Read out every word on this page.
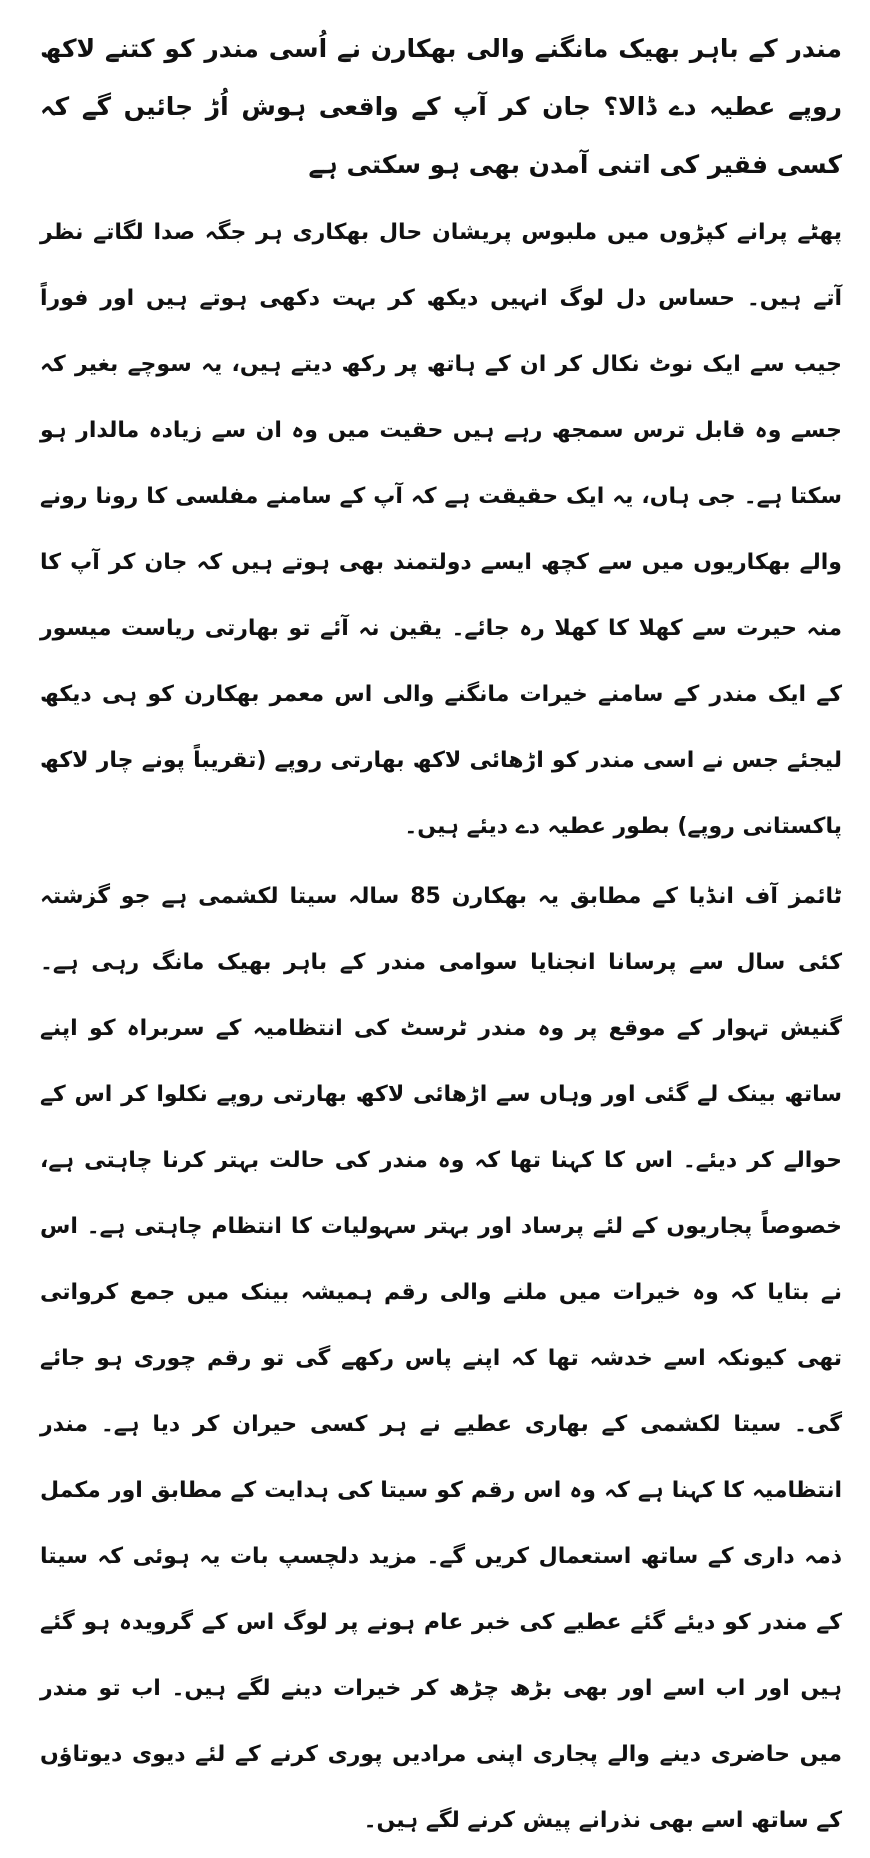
مندر کے باہر بھیک مانگنے والی بھکارن نے اُسی مندر کو کتنے لاکھ روپے عطیہ دے ڈالا؟ جان کر آپ کے واقعی ہوش اُڑ جائیں گے کہ کسی فقیر کی اتنی آمدن بھی ہو سکتی ہے

پھٹے پرانے کپڑوں میں ملبوس پریشان حال بھکاری ہر جگہ صدا لگاتے نظر آتے ہیں۔ حساس دل لوگ انہیں دیکھ کر بہت دکھی ہوتے ہیں اور فوراً جیب سے ایک نوٹ نکال کر ان کے ہاتھ پر رکھ دیتے ہیں، یہ سوچے بغیر کہ جسے وہ قابل ترس سمجھ رہے ہیں حقیت میں وہ ان سے زیادہ مالدار ہو سکتا ہے۔ جی ہاں، یہ ایک حقیقت ہے کہ آپ کے سامنے مفلسی کا رونا رونے والے بھکاریوں میں سے کچھ ایسے دولتمند بھی ہوتے ہیں کہ جان کر آپ کا منہ حیرت سے کھلا کا کھلا رہ جائے۔ یقین نہ آئے تو بھارتی ریاست میسور کے ایک مندر کے سامنے خیرات مانگنے والی اس معمر بھکارن کو ہی دیکھ لیجئے جس نے اسی مندر کو اڑھائی لاکھ بھارتی روپے (تقریباً پونے چار لاکھ پاکستانی روپے) بطور عطیہ دے دیئے ہیں۔

ٹائمز آف انڈیا کے مطابق یہ بھکارن 85 سالہ سیتا لکشمی ہے جو گزشتہ کئی سال سے پرسانا انجنایا سوامی مندر کے باہر بھیک مانگ رہی ہے۔ گنیش تہوار کے موقع پر وہ مندر ٹرسٹ کی انتظامیہ کے سربراہ کو اپنے ساتھ بینک لے گئی اور وہاں سے اڑھائی لاکھ بھارتی روپے نکلوا کر اس کے حوالے کر دیئے۔ اس کا کہنا تھا کہ وہ مندر کی حالت بہتر کرنا چاہتی ہے، خصوصاً پجاریوں کے لئے پرساد اور بہتر سہولیات کا انتظام چاہتی ہے۔ اس نے بتایا کہ وہ خیرات میں ملنے والی رقم ہمیشہ بینک میں جمع کرواتی تھی کیونکہ اسے خدشہ تھا کہ اپنے پاس رکھے گی تو رقم چوری ہو جائے گی۔ سیتا لکشمی کے بھاری عطیے نے ہر کسی حیران کر دیا ہے۔ مندر انتظامیہ کا کہنا ہے کہ وہ اس رقم کو سیتا کی ہدایت کے مطابق اور مکمل ذمہ داری کے ساتھ استعمال کریں گے۔ مزید دلچسپ بات یہ ہوئی کہ سیتا کے مندر کو دیئے گئے عطیے کی خبر عام ہونے پر لوگ اس کے گرویدہ ہو گئے ہیں اور اب اسے اور بھی بڑھ چڑھ کر خیرات دینے لگے ہیں۔ اب تو مندر میں حاضری دینے والے پجاری اپنی مرادیں پوری کرنے کے لئے دیوی دیوتاؤں کے ساتھ اسے بھی نذرانے پیش کرنے لگے ہیں۔
